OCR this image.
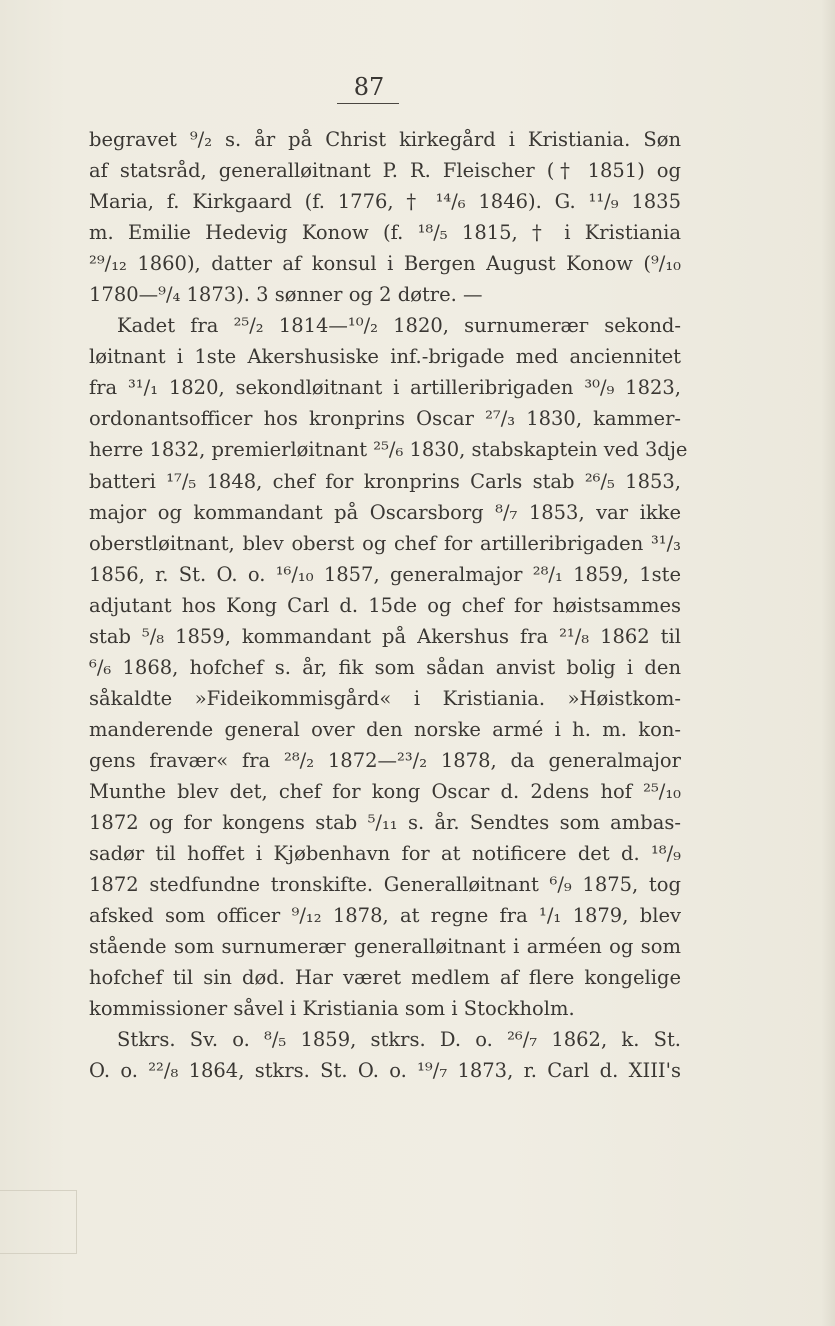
87
begravet ⁹/₂ s. år på Christ kirkegård i Kristiania. Søn
af statsråd, generalløitnant P. R. Fleischer († 1851) og
Maria, f. Kirkgaard (f. 1776, † ¹⁴/₆ 1846). G. ¹¹/₉ 1835
m. Emilie Hedevig Konow (f. ¹⁸/₅ 1815, † i Kristiania
²⁹/₁₂ 1860), datter af konsul i Bergen August Konow (⁹/₁₀
1780—⁹/₄ 1873). 3 sønner og 2 døtre. —
Kadet fra ²⁵/₂ 1814—¹⁰/₂ 1820, surnumeræг sekond-
løitnant i 1ste Akershusiske inf.-brigade med anciennitet
fra ³¹/₁ 1820, sekondløitnant i artilleribrigaden ³⁰/₉ 1823,
ordonantsofficer hos kronprins Oscar ²⁷/₃ 1830, kammer-
herre 1832, premierløitnant ²⁵/₆ 1830, stabskaptein ved 3dje
batteri ¹⁷/₅ 1848, chef for kronprins Carls stab ²⁶/₅ 1853,
major og kommandant på Oscarsborg ⁸/₇ 1853, var ikke
oberstløitnant, blev oberst og chef for artilleribrigaden ³¹/₃
1856, r. St. O. o. ¹⁶/₁₀ 1857, generalmajor ²⁸/₁ 1859, 1ste
adjutant hos Kong Carl d. 15de og chef for høistsammes
stab ⁵/₈ 1859, kommandant på Akershus fra ²¹/₈ 1862 til
⁶/₆ 1868, hofchef s. år, fik som sådan anvist bolig i den
såkaldte »Fideikommisgård« i Kristiania. »Høistkom-
manderende general over den norske armé i h. m. kon-
gens fravær« fra ²⁸/₂ 1872—²³/₂ 1878, da generalmajor
Munthe blev det, chef for kong Oscar d. 2dens hof ²⁵/₁₀
1872 og for kongens stab ⁵/₁₁ s. år. Sendtes som ambas-
sadør til hoffet i Kjøbenhavn for at notificere det d. ¹⁸/₉
1872 stedfundne tronskifte. Generalløitnant ⁶/₉ 1875, tog
afsked som officer ⁹/₁₂ 1878, at regne fra ¹/₁ 1879, blev
stående som surnumeræг generalløitnant i arméen og som
hofchef til sin død. Har været medlem af flere kongelige
kommissioner såvel i Kristiania som i Stockholm.
Stkrs. Sv. o. ⁸/₅ 1859, stkrs. D. o. ²⁶/₇ 1862, k. St.
O. o. ²²/₈ 1864, stkrs. St. O. o. ¹⁹/₇ 1873, r. Carl d. XIII's
